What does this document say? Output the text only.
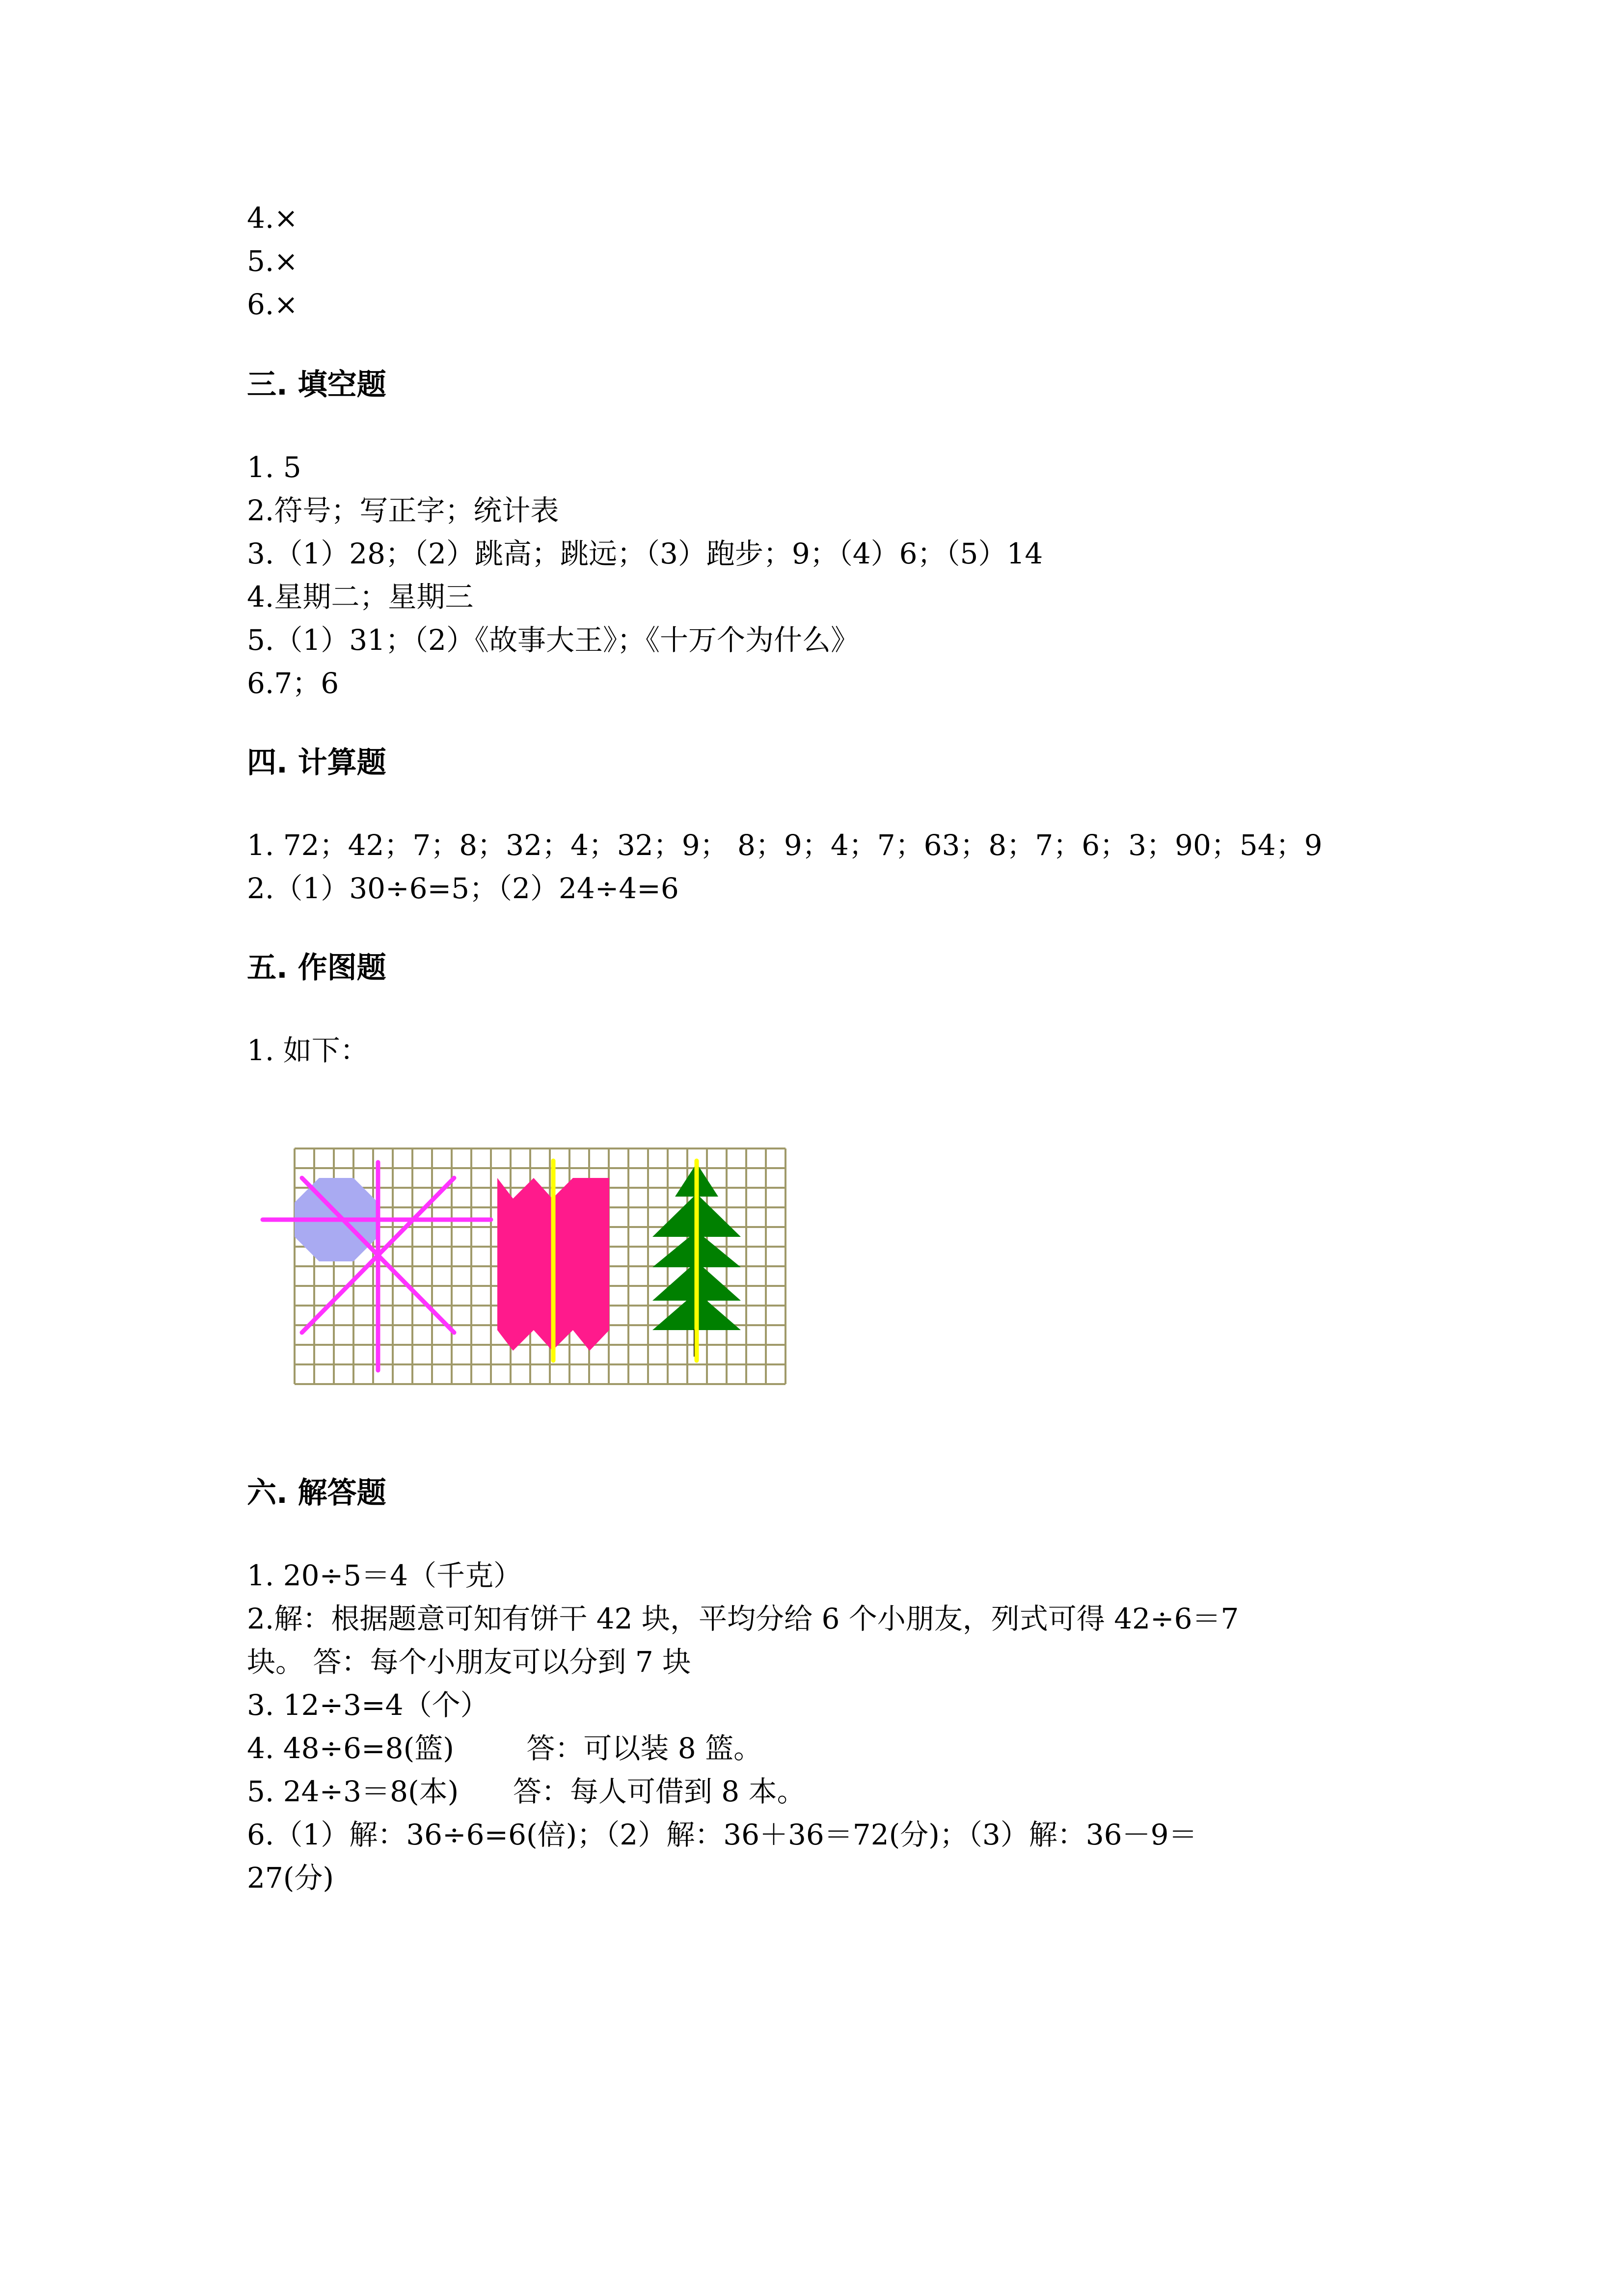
4.×
5.×
6.×
三. 填空题
1. 5
2.符号；写正字；统计表
3.（1）28；（2）跳高；跳远；（3）跑步；9；（4）6；（5）14
4.星期二；星期三
5.（1）31；（2）《故事大王》；《十万个为什么》
6.7；6
四. 计算题
1. 72；42；7；8；32；4；32；9； 8；9；4；7；63；8；7；6；3；90；54；9
2.（1）30÷6=5；（2）24÷4=6
五. 作图题
1. 如下：
六. 解答题
1. 20÷5＝4（千克）
2.解：根据题意可知有饼干 42 块，平均分给 6 个小朋友，列式可得 42÷6＝7
块。 答：每个小朋友可以分到 7 块
3. 12÷3=4（个）
4. 48÷6=8(篮)        答：可以装 8 篮。
5. 24÷3＝8(本)      答：每人可借到 8 本。
6.（1）解：36÷6=6(倍)；（2）解：36＋36＝72(分)；（3）解：36－9＝
27(分)
